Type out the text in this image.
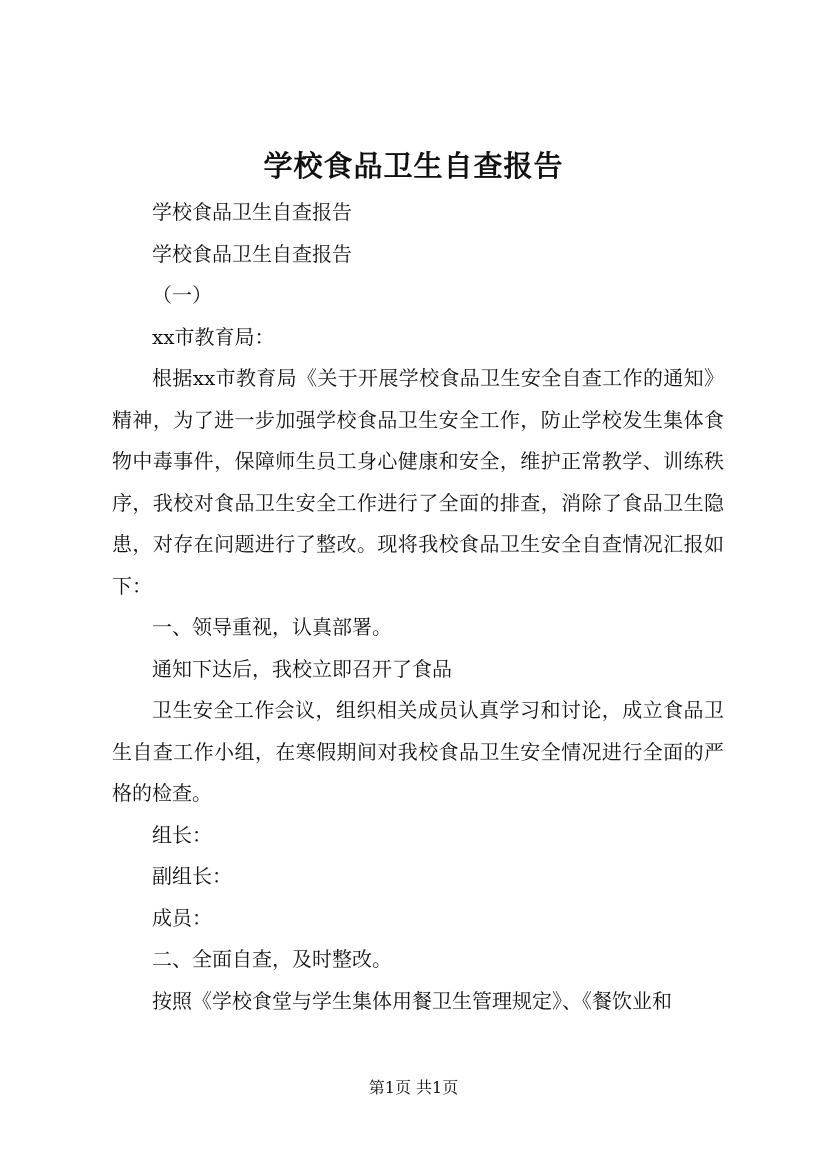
学校食品卫生自查报告

学校食品卫生自查报告

学校食品卫生自查报告

（一）

xx市教育局：

根据xx市教育局《关于开展学校食品卫生安全自查工作的通知》精神，为了进一步加强学校食品卫生安全工作，防止学校发生集体食物中毒事件，保障师生员工身心健康和安全，维护正常教学、训练秩序，我校对食品卫生安全工作进行了全面的排查，消除了食品卫生隐患，对存在问题进行了整改。现将我校食品卫生安全自查情况汇报如下：

一、领导重视，认真部署。

通知下达后，我校立即召开了食品

卫生安全工作会议，组织相关成员认真学习和讨论，成立食品卫生自查工作小组，在寒假期间对我校食品卫生安全情况进行全面的严格的检查。

组长：

副组长：

成员：

二、全面自查，及时整改。

按照《学校食堂与学生集体用餐卫生管理规定》、《餐饮业和

第1页 共1页
